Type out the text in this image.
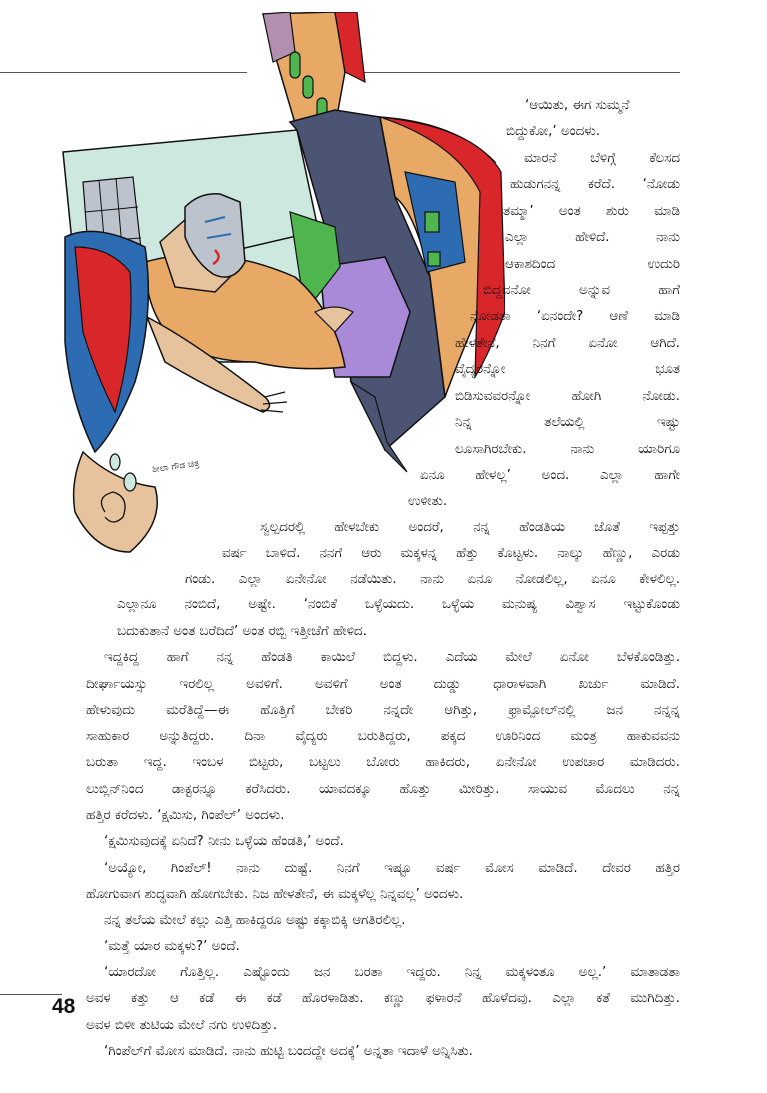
ಶೀಲಾ ಗೌಡ ಚಿತ್ರ
‘ಆಯಿತು, ಈಗ ಸುಮ್ಮನೆ
ಬಿದ್ದುಕೋ,’ ಅಂದಳು.
ಮಾರನೆ ಬೆಳಿಗ್ಗೆ ಕೆಲಸದ
ಹುಡುಗನನ್ನ ಕರೆದೆ. ‘ನೋಡು
ತಮ್ಮಾ’ ಅಂತ ಶುರು ಮಾಡಿ
ಎಲ್ಲಾ ಹೇಳಿದೆ. ನಾನು
ಆಕಾಶದಿಂದ ಉದುರಿ
ಬಿದ್ದವನೋ ಅನ್ನುವ ಹಾಗೆ
ನೋಡತಾ ‘ಏನಂದೇ? ಆಣೆ ಮಾಡಿ
ಹೇಳತೇನೆ, ನಿನಗೆ ಏನೋ ಆಗಿದೆ.
ವೈದ್ಯರನ್ನೋ ಭೂತ
ಬಿಡಿಸುವವರನ್ನೋ ಹೋಗಿ ನೋಡು.
ನಿನ್ನ ತಲೆಯಲ್ಲಿ ಇಷ್ಟು
ಲೂಸಾಗಿರಬೇಕು. ನಾನು ಯಾರಿಗೂ
ಏನೂ ಹೇಳಲ್ಲ’ ಅಂದ. ಎಲ್ಲಾ ಹಾಗೇ
ಉಳೀತು.
ಸ್ವಲ್ಪದರಲ್ಲಿ ಹೇಳಬೇಕು ಅಂದರೆ, ನನ್ನ ಹೆಂಡತಿಯ ಜೊತೆ ಇಪ್ಪತ್ತು
ವರ್ಷ ಬಾಳಿದೆ. ನನಗೆ ಆರು ಮಕ್ಕಳನ್ನ ಹೆತ್ತು ಕೊಟ್ಟಳು. ನಾಲ್ಕು ಹೆಣ್ಣು, ಎರಡು
ಗಂಡು. ಎಲ್ಲಾ ಏನೇನೋ ನಡೆಯಿತು. ನಾನು ಏನೂ ನೋಡಲಿಲ್ಲ, ಏನೂ ಕೇಳಲಿಲ್ಲ.
ಎಲ್ಲಾನೂ ನಂಬಿದೆ, ಅಷ್ಟೇ. ‘ನಂಬಿಕೆ ಒಳ್ಳೆಯದು. ಒಳ್ಳೆಯ ಮನುಷ್ಯ ವಿಶ್ವಾಸ ಇಟ್ಟುಕೊಂಡು
ಬದುಕುತಾನೆ ಅಂತ ಬರೆದಿದೆ’ ಅಂತ ರಬ್ಬಿ ಇತ್ತೀಚೆಗೆ ಹೇಳಿದ.
ಇದ್ದಕಿದ್ದ ಹಾಗೆ ನನ್ನ ಹೆಂಡತಿ ಕಾಯಿಲೆ ಬಿದ್ದಳು. ಎದೆಯ ಮೇಲೆ ಏನೋ ಬೆಳಕೊಂಡಿತ್ತು.
ದೀರ್ಘಾಯಸ್ಸು ಇರಲಿಲ್ಲ ಅವಳಿಗೆ. ಅವಳಿಗೆ ಅಂತ ದುಡ್ಡು ಧಾರಾಳವಾಗಿ ಖರ್ಚು ಮಾಡಿದೆ.
ಹೇಳುವುದು ಮರೆತಿದ್ದೆ—ಈ ಹೊತ್ತಿಗೆ ಬೇಕರಿ ನನ್ನದೇ ಆಗಿತ್ತು, ಫ್ರಾಮ್ಪೋಲ್‌ನಲ್ಲಿ ಜನ ನನ್ನನ್ನ
ಸಾಹುಕಾರ ಅನ್ನುತಿದ್ದರು. ದಿನಾ ವೈದ್ಯರು ಬರುತಿದ್ದರು, ಪಕ್ಕದ ಊರಿನಿಂದ ಮಂತ್ರ ಹಾಕುವವನು
ಬರುತಾ ಇದ್ದ. ಇಂಬಳ ಬಿಟ್ಟರು, ಬಟ್ಟಲು ಬೋರು ಹಾಕಿದರು, ಏನೇನೋ ಉಪಚಾರ ಮಾಡಿದರು.
ಲುಬ್ಲಿನ್‌ನಿಂದ ಡಾಕ್ಟರನ್ನೂ ಕರೆಸಿದರು. ಯಾವದಕ್ಕೂ ಹೊತ್ತು ಮೀರಿತ್ತು. ಸಾಯುವ ಮೊದಲು ನನ್ನ
ಹತ್ತಿರ ಕರೆದಳು. ‘ಕ್ಷಮಿಸು, ಗಿಂಪೆಲ್’ ಅಂದಳು.
‘ಕ್ಷಮಿಸುವುದಕ್ಕೆ ಏನಿದೆ? ನೀನು ಒಳ್ಳೆಯ ಹೆಂಡತಿ,’ ಅಂದೆ.
‘ಅಯ್ಯೋ, ಗಿಂಪೆಲ್! ನಾನು ದುಷ್ಟೆ. ನಿನಗೆ ಇಷ್ಟೂ ವರ್ಷ ಮೋಸ ಮಾಡಿದೆ. ದೇವರ ಹತ್ತಿರ
ಹೋಗುವಾಗ ಶುದ್ಧವಾಗಿ ಹೋಗಬೇಕು. ನಿಜ ಹೇಳತೇನೆ, ಈ ಮಕ್ಕಳೆಲ್ಲ ನಿನ್ನವಲ್ಲ’ ಅಂದಳು.
ನನ್ನ ತಲೆಯ ಮೇಲೆ ಕಲ್ಲು ಎತ್ತಿ ಹಾಕಿದ್ದರೂ ಅಷ್ಟು ಕಕ್ಕಾಬಿಕ್ಕಿ ಆಗತಿರಲಿಲ್ಲ.
‘ಮತ್ತೆ ಯಾರ ಮಕ್ಕಳು?’ ಅಂದೆ.
‘ಯಾರದೋ ಗೊತ್ತಿಲ್ಲ. ಎಷ್ಟೊಂದು ಜನ ಬರತಾ ಇದ್ದರು. ನಿನ್ನ ಮಕ್ಕಳಂತೂ ಅಲ್ಲ.’ ಮಾತಾಡತಾ
ಅವಳ ಕತ್ತು ಆ ಕಡೆ ಈ ಕಡೆ ಹೊರಳಾಡಿತು. ಕಣ್ಣು ಫಳಾರನೆ ಹೊಳೆದವು. ಎಲ್ಲಾ ಕತೆ ಮುಗಿದಿತ್ತು.
ಅವಳ ಬಿಳೀ ತುಟಿಯ ಮೇಲೆ ನಗು ಉಳಿದಿತ್ತು.
‘ಗಿಂಪೆಲ್‌ಗೆ ಮೋಸ ಮಾಡಿದೆ. ನಾನು ಹುಟ್ಟಿ ಬಂದದ್ದೇ ಅದಕ್ಕೆ’ ಅನ್ನತಾ ಇದಾಳೆ ಅನ್ನಿಸಿತು.
48
